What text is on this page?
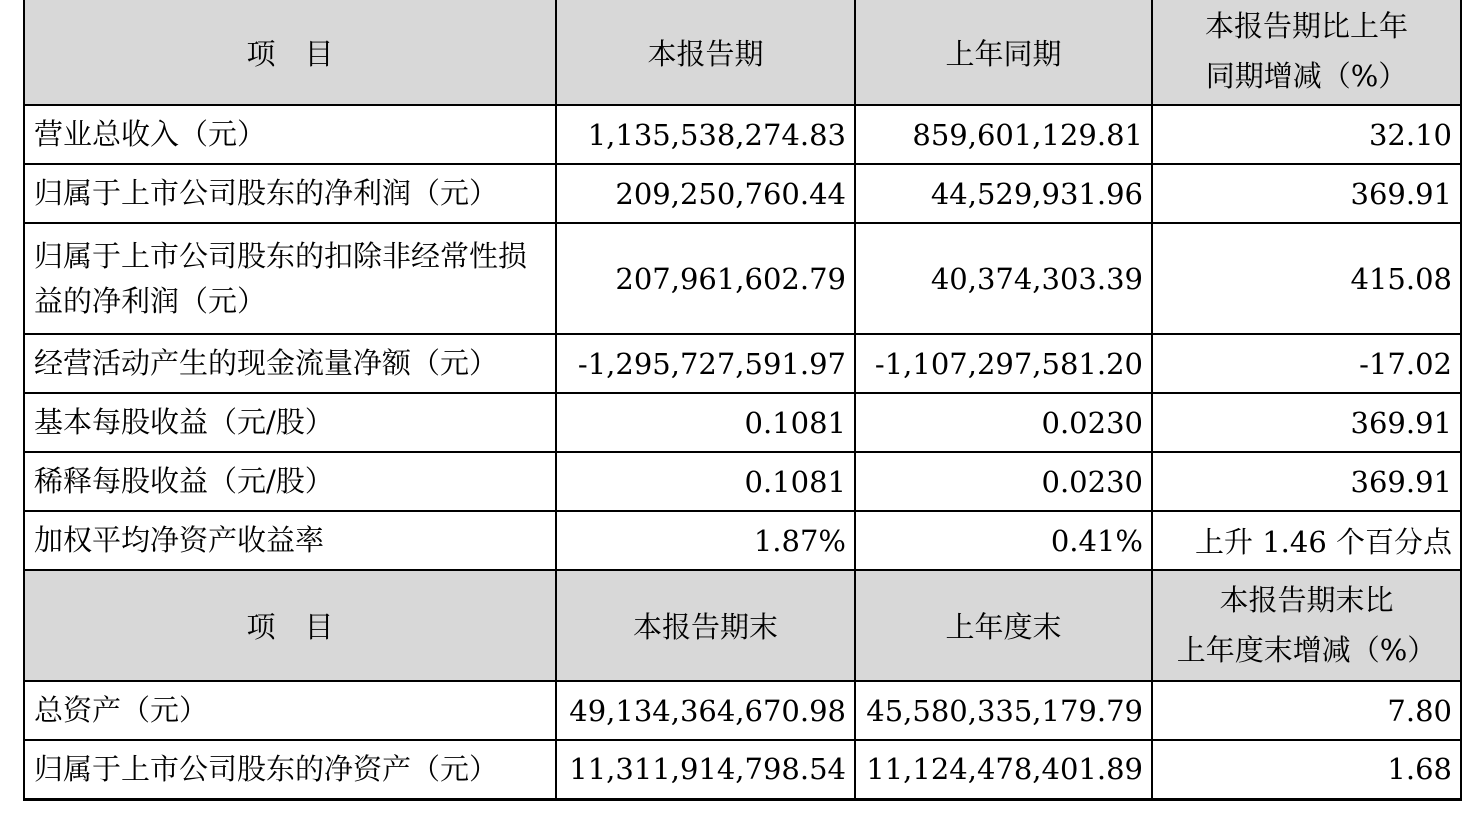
项　目	本报告期	上年同期	本报告期比上年
同期增减（%）

营业总收入（元）	1,135,538,274.83	859,601,129.81	32.10
归属于上市公司股东的净利润（元）	209,250,760.44	44,529,931.96	369.91
归属于上市公司股东的扣除非经常性损益的净利润（元）	207,961,602.79	40,374,303.39	415.08
经营活动产生的现金流量净额（元）	-1,295,727,591.97	-1,107,297,581.20	-17.02
基本每股收益（元/股）	0.1081	0.0230	369.91
稀释每股收益（元/股）	0.1081	0.0230	369.91
加权平均净资产收益率	1.87%	0.41%	上升 1.46 个百分点
项　目	本报告期末	上年度末	本报告期末比
上年度末增减（%）

总资产（元）	49,134,364,670.98	45,580,335,179.79	7.80
归属于上市公司股东的净资产（元）	11,311,914,798.54	11,124,478,401.89	1.68
